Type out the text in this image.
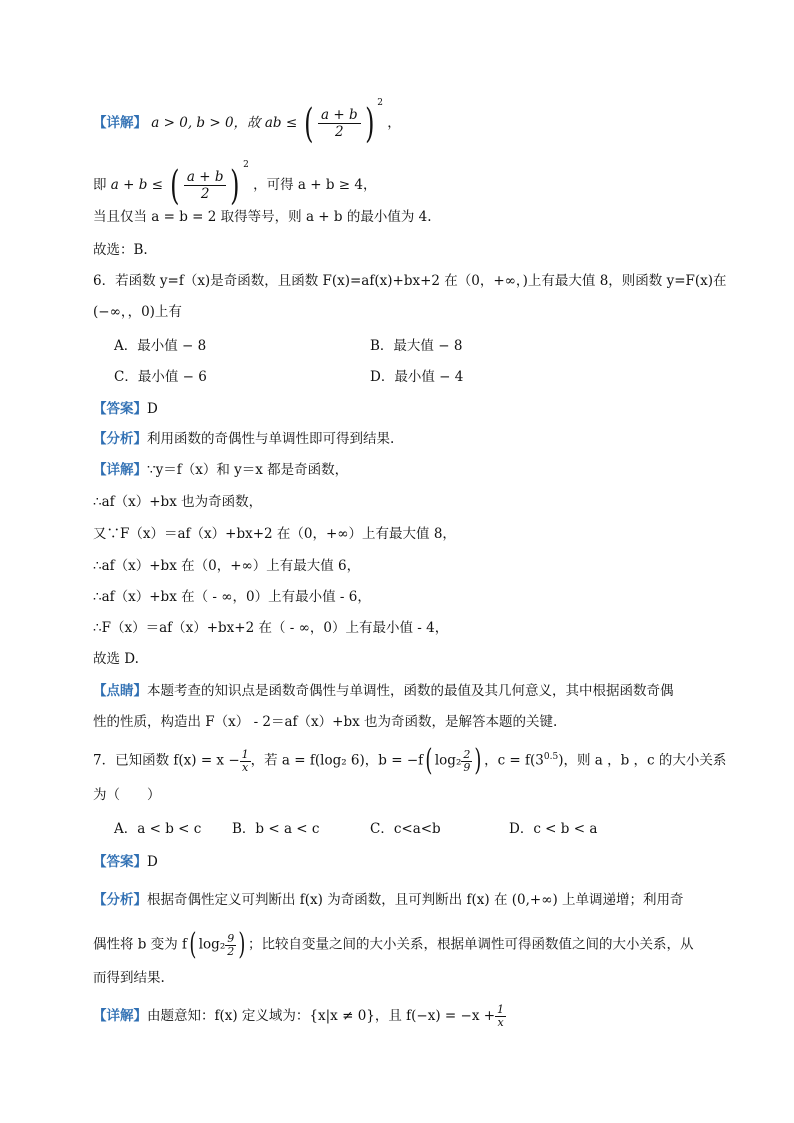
【详解】 a > 0, b > 0，故 ab ≤ ( $\frac{a + b}{2}$ ) $^2$ ，
即 a + b ≤ ( $\frac{a + b}{2}$ ) $^2$ ，可得 a + b ≥ 4，
当且仅当 a = b = 2 取得等号，则 a + b 的最小值为 4.
故选：B.
6．若函数 y=f（x)是奇函数，且函数 F(x)=af(x)+bx+2 在（0，+∞，)上有最大值 8，则函数 y=F(x)在
(−∞，，0)上有
A．最小值 − 8	B．最大值 − 8
C．最小值 − 6	D．最小值 − 4
【答案】D
【分析】利用函数的奇偶性与单调性即可得到结果.
【详解】∵y＝f（x）和 y＝x 都是奇函数，
∴af（x）+bx 也为奇函数，
又∵F（x）＝af（x）+bx+2 在（0，+∞）上有最大值 8，
∴af（x）+bx 在（0，+∞）上有最大值 6，
∴af（x）+bx 在（ - ∞，0）上有最小值 - 6，
∴F（x）＝af（x）+bx+2 在（ - ∞，0）上有最小值 - 4，
故选 D.
【点睛】本题考查的知识点是函数奇偶性与单调性，函数的最值及其几何意义，其中根据函数奇偶
性的性质，构造出 F（x） - 2＝af（x）+bx 也为奇函数，是解答本题的关键.
7．已知函数 $f(x) = x - \frac{1}{x}$ ，若 a = f(log₂ 6)，b = −f( $\log_2 \frac{2}{9}$ ) ，$c = f(3^{0.5})$，则 a ，b ，c 的大小关系
为（　　）
A．a < b < c B．b < a < c	C．c<a<b	D．c < b < a
【答案】D
【分析】根据奇偶性定义可判断出 f(x) 为奇函数，且可判断出 f(x) 在 (0,+∞) 上单调递增；利用奇
偶性将 b 变为 f( $\log_2 \frac{9}{2}$ ) ；比较自变量之间的大小关系，根据单调性可得函数值之间的大小关系，从
而得到结果.
【详解】由题意知：f(x) 定义域为：{x|x ≠ 0}，且 $f(-x) = -x + \frac{1}{x}$
